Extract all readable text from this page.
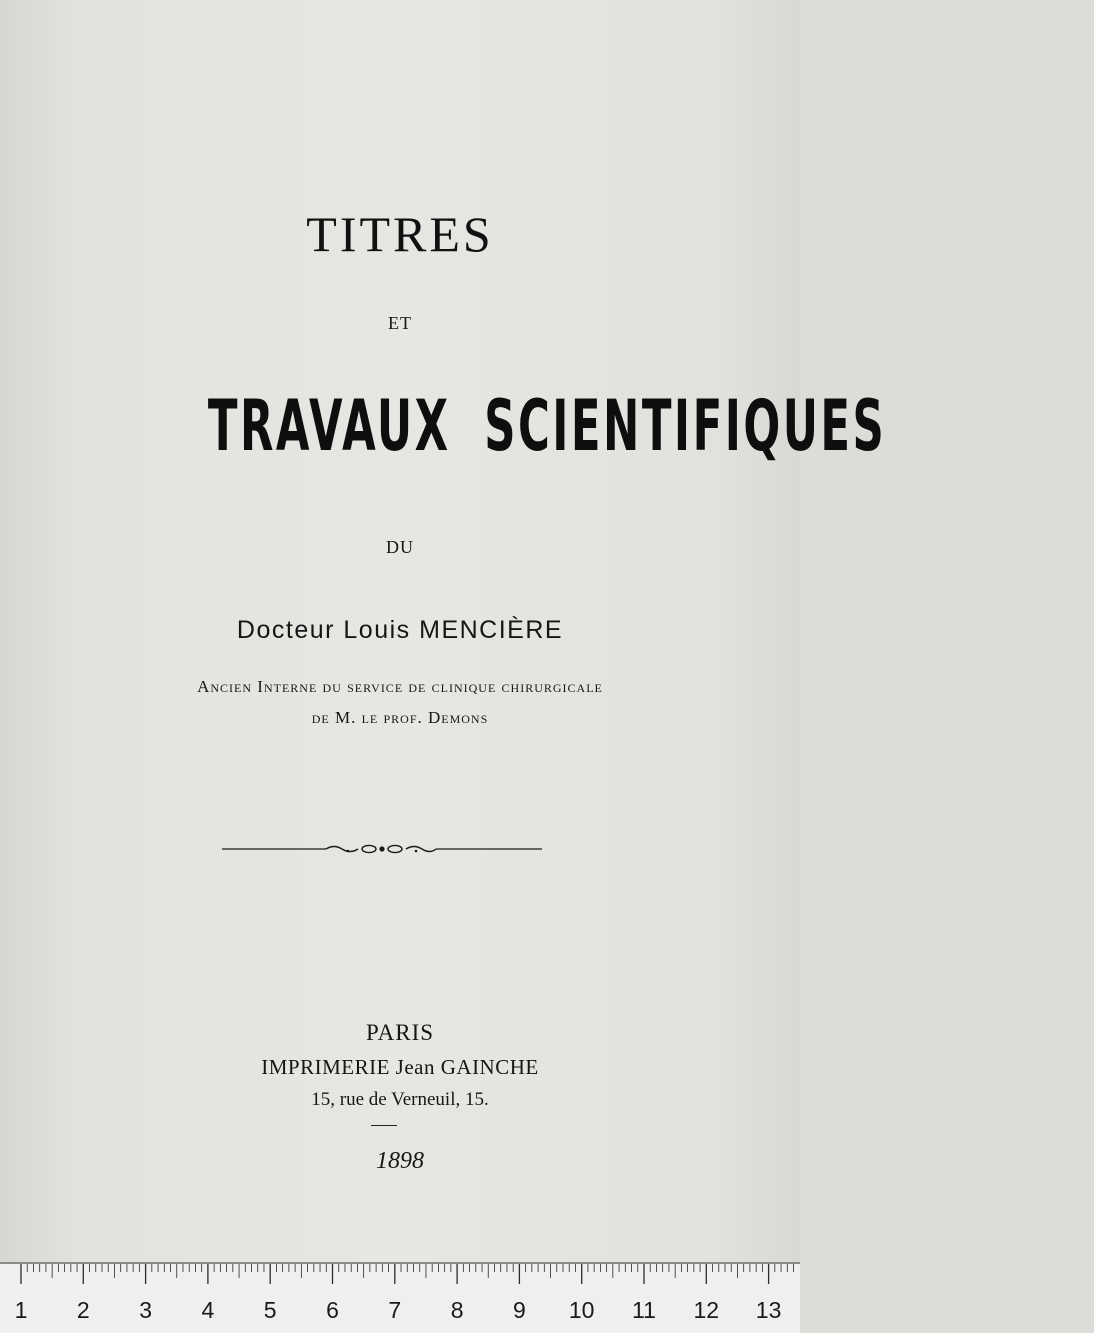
TITRES
ET
TRAVAUX SCIENTIFIQUES
DU
Docteur Louis MENCIÈRE
Ancien Interne du service de clinique chirurgicale
de M. le prof. Demons
PARIS
IMPRIMERIE Jean GAINCHE
15, rue de Verneuil, 15.
1898
1 2 3 4 5 6 7 8 9 10 11 12 13
